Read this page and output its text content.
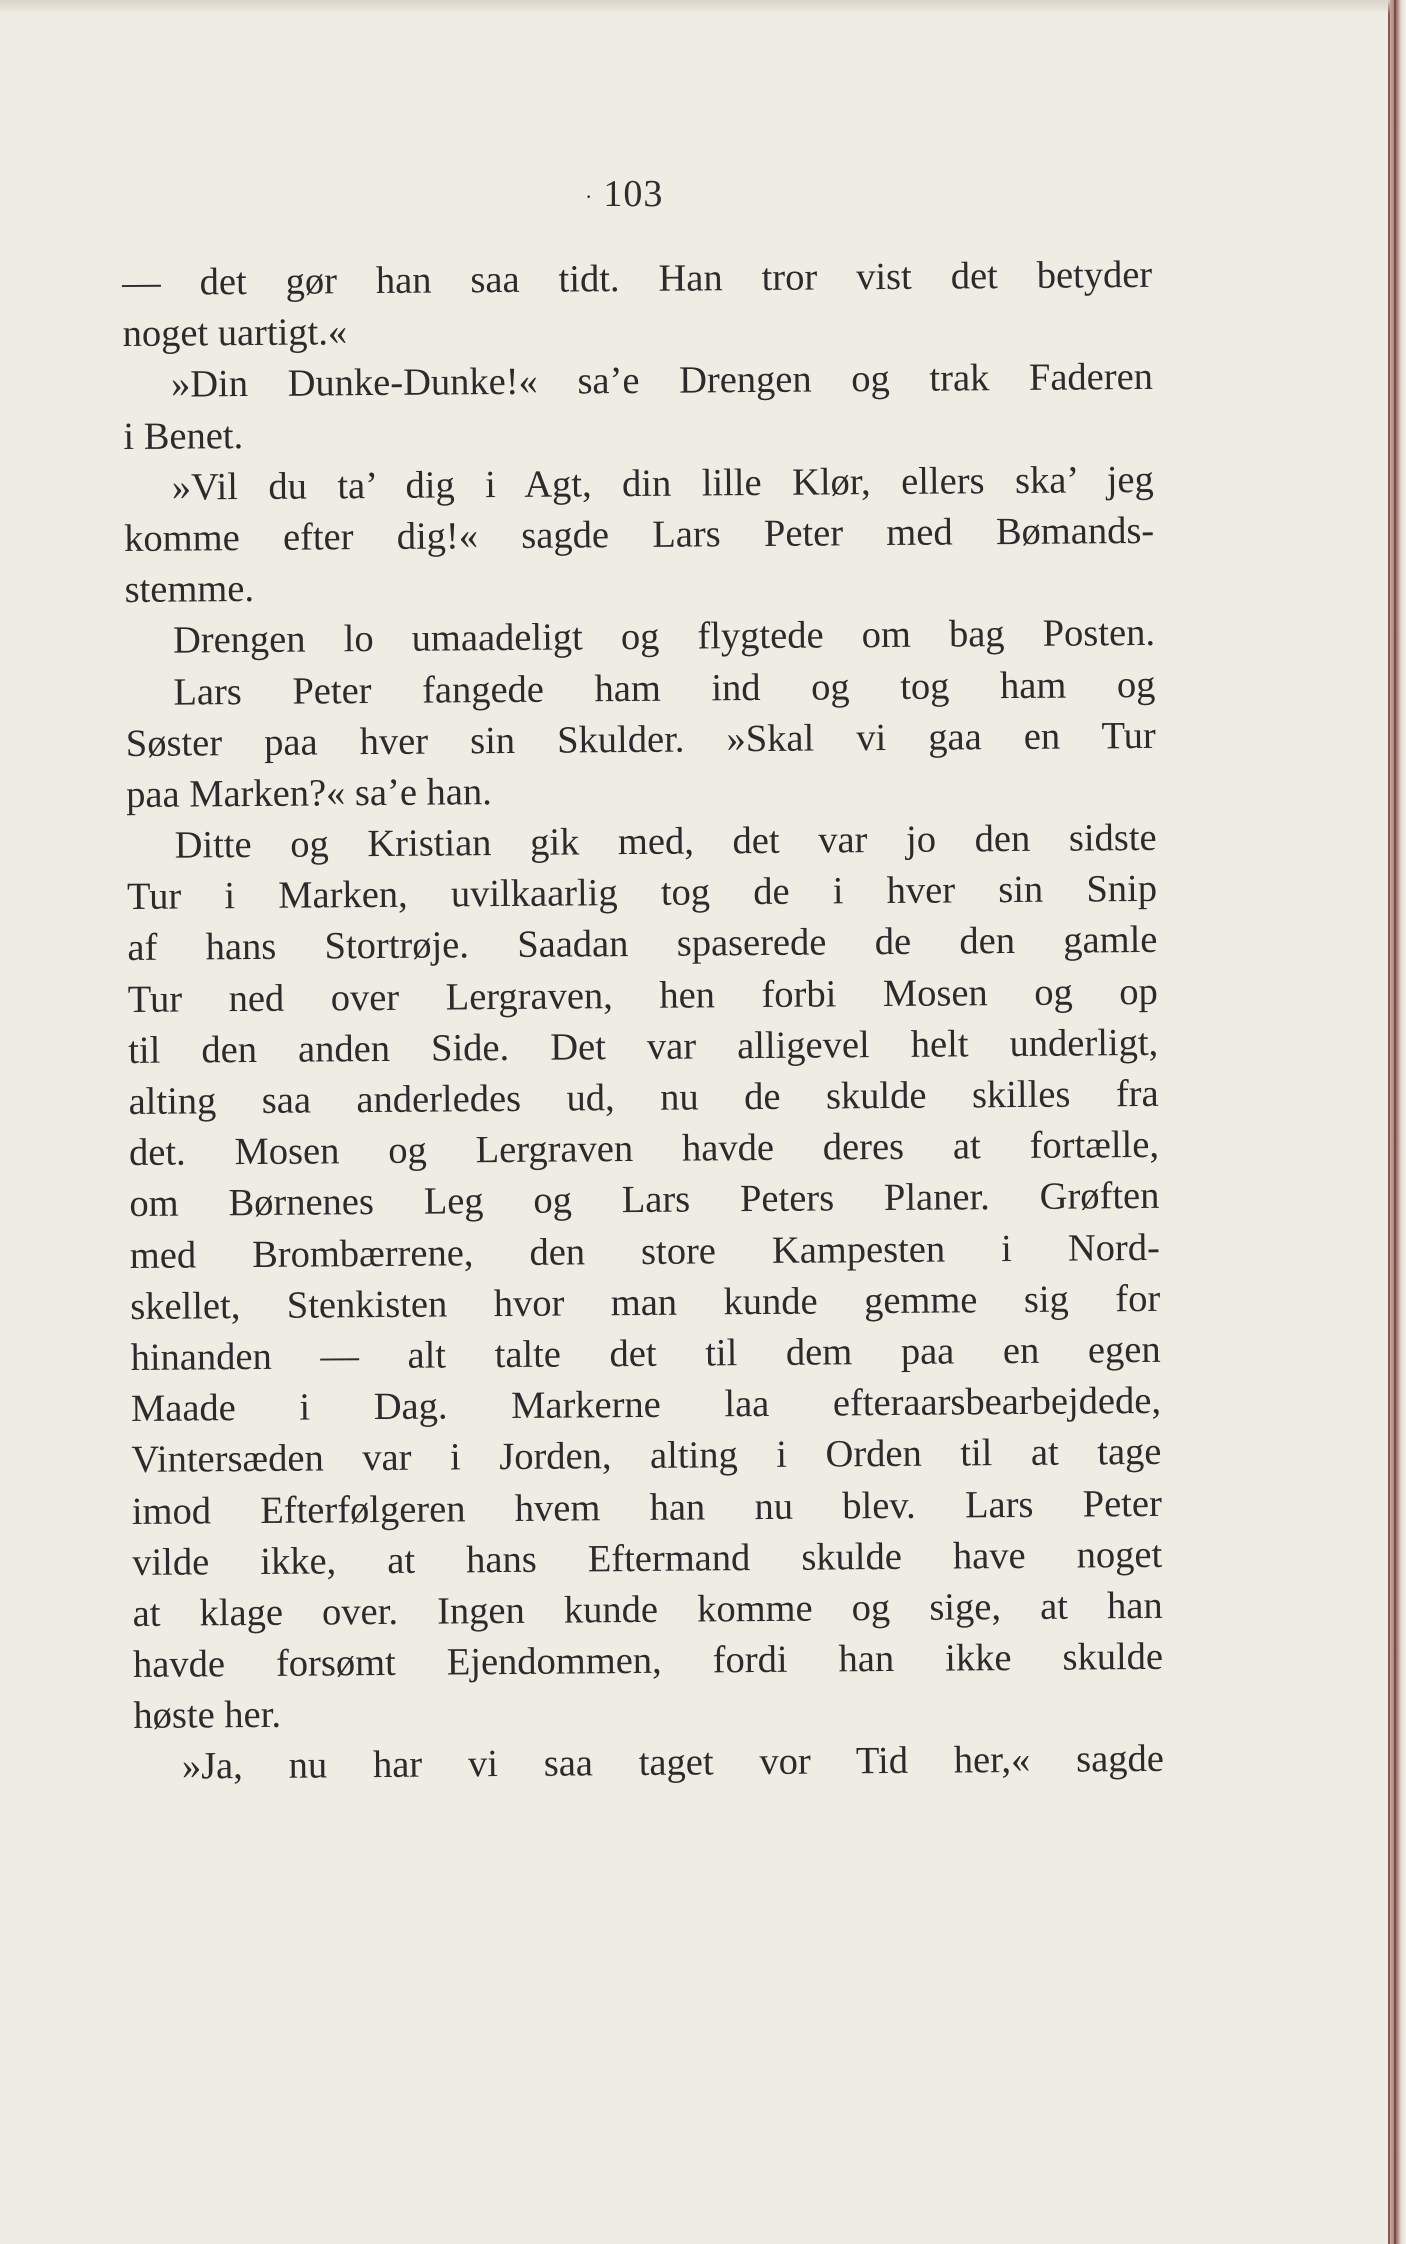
· 103
— det gør han saa tidt. Han tror vist det betyder
noget uartigt.«
»Din Dunke-Dunke!« sa’e Drengen og trak Faderen
i Benet.
»Vil du ta’ dig i Agt, din lille Klør, ellers ska’ jeg
komme efter dig!« sagde Lars Peter med Bømands-
stemme.
Drengen lo umaadeligt og flygtede om bag Posten.
Lars Peter fangede ham ind og tog ham og
Søster paa hver sin Skulder. »Skal vi gaa en Tur
paa Marken?« sa’e han.
Ditte og Kristian gik med, det var jo den sidste
Tur i Marken, uvilkaarlig tog de i hver sin Snip
af hans Stortrøje. Saadan spaserede de den gamle
Tur ned over Lergraven, hen forbi Mosen og op
til den anden Side. Det var alligevel helt underligt,
alting saa anderledes ud, nu de skulde skilles fra
det. Mosen og Lergraven havde deres at fortælle,
om Børnenes Leg og Lars Peters Planer. Grøften
med Brombærrene, den store Kampesten i Nord-
skellet, Stenkisten hvor man kunde gemme sig for
hinanden — alt talte det til dem paa en egen
Maade i Dag. Markerne laa efteraarsbearbejdede,
Vintersæden var i Jorden, alting i Orden til at tage
imod Efterfølgeren hvem han nu blev. Lars Peter
vilde ikke, at hans Eftermand skulde have noget
at klage over. Ingen kunde komme og sige, at han
havde forsømt Ejendommen, fordi han ikke skulde
høste her.
»Ja, nu har vi saa taget vor Tid her,« sagde
